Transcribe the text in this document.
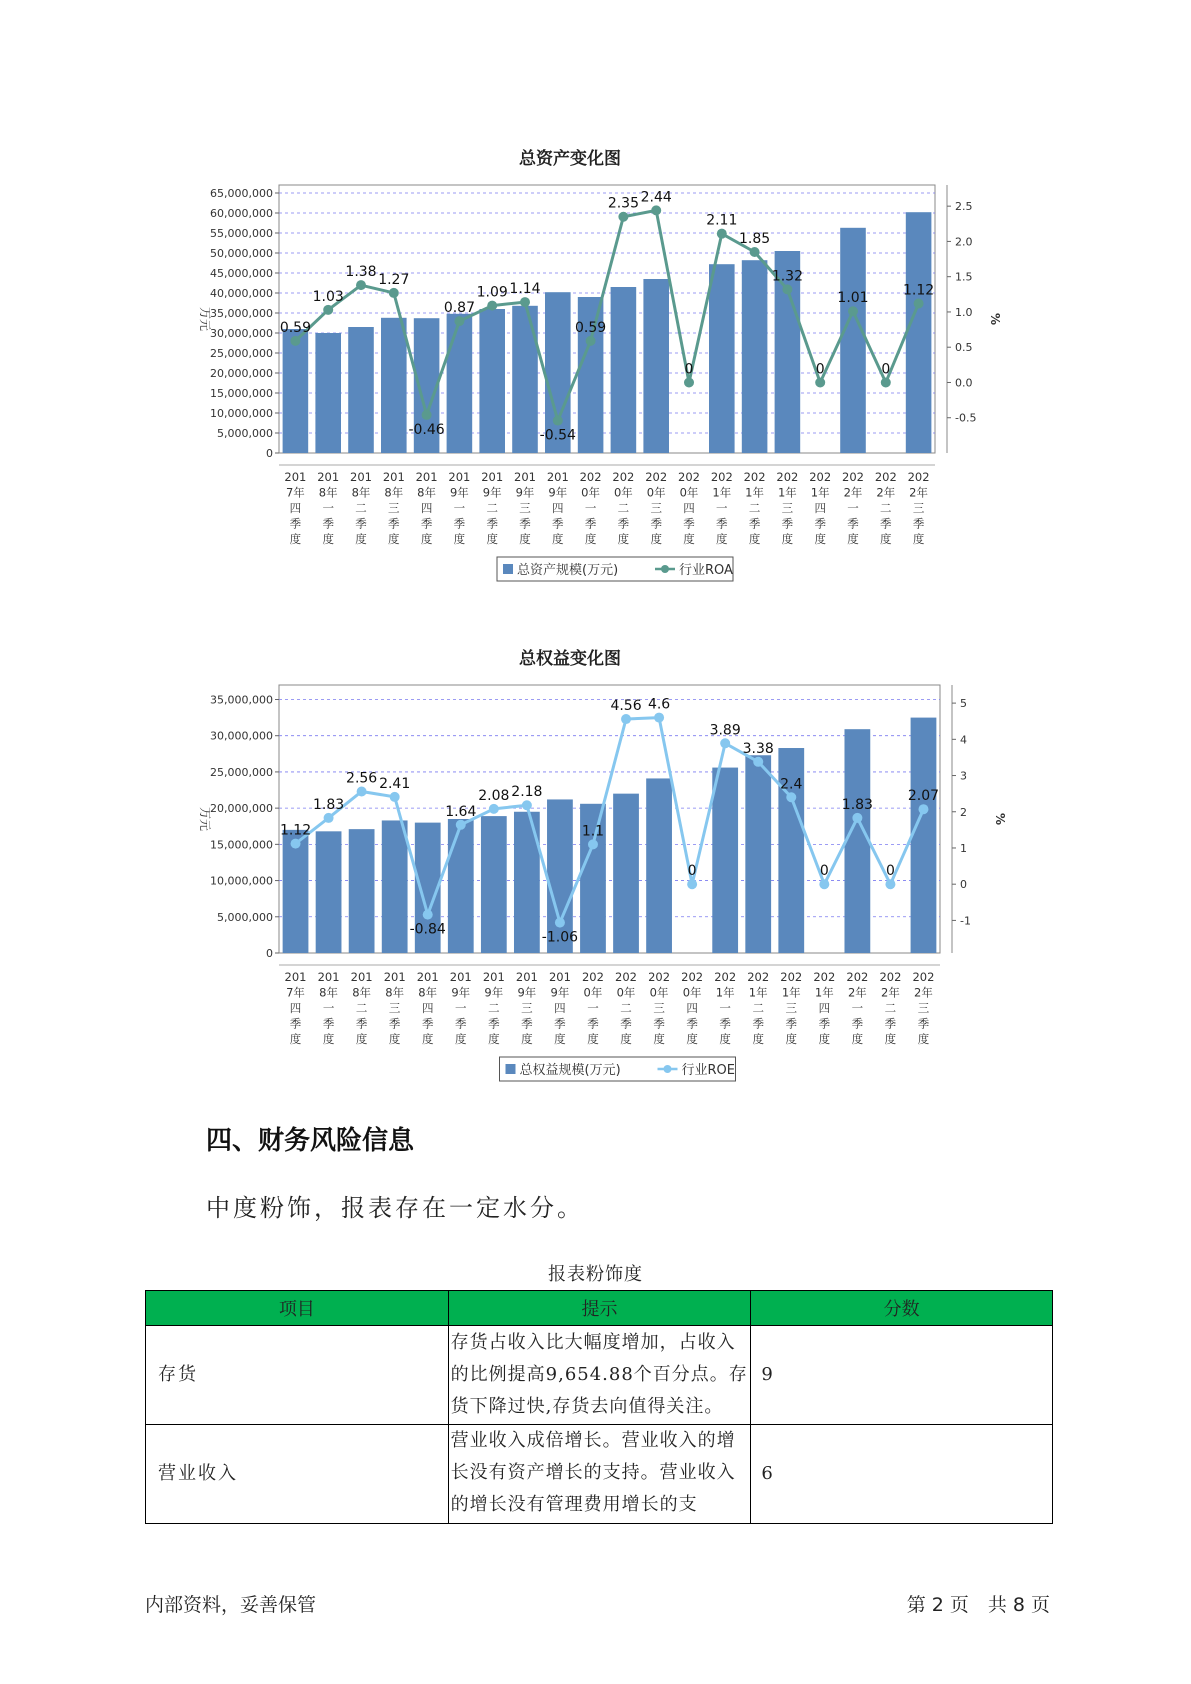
总资产变化图
0
5,000,000
10,000,000
15,000,000
20,000,000
25,000,000
30,000,000
35,000,000
40,000,000
45,000,000
50,000,000
55,000,000
60,000,000
65,000,000
-0.5
0.0
0.5
1.0
1.5
2.0
2.5
万元	%
201 7年四季度
201 8年一季度
201 8年二季度
201 8年三季度
201 8年四季度
201 9年一季度
201 9年二季度
201 9年三季度
201 9年四季度
202 0年一季度
202 0年二季度
202 0年三季度
202 0年四季度
202 1年一季度
202 1年二季度
202 1年三季度
202 1年四季度
202 2年一季度
202 2年二季度
202 2年三季度
0.59
1.03
1.38 1.27
-0.46
0.87
1.09 1.14
-0.54
0.59
2.35 2.44
0
2.11
1.85
1.32
0
1.01
0
1.12
总资产规模(万元)	行业ROA
总权益变化图
0
5,000,000
10,000,000
15,000,000
20,000,000
25,000,000
30,000,000
35,000,000
-1
0
1
2
3
4
5
万元	%
201 7年四季度
201 8年一季度
201 8年二季度
201 8年三季度
201 8年四季度
201 9年一季度
201 9年二季度
201 9年三季度
201 9年四季度
202 0年一季度
202 0年二季度
202 0年三季度
202 0年四季度
202 1年一季度
202 1年二季度
202 1年三季度
202 1年四季度
202 2年一季度
202 2年二季度
202 2年三季度
1.12
1.83
2.56 2.41
-0.84
1.64
2.08 2.18
-1.06
1.1
4.56 4.6
0
3.89
3.38
2.4
0
1.83
0
2.07
总权益规模(万元)	行业ROE
四、财务风险信息
中度粉饰，报表存在一定水分。
报表粉饰度
项目	提示	分数
存货	存货占收入比大幅度增加，占收入的比例提高9,654.88个百分点。存货下降过快,存货去向值得关注。	9
营业收入	营业收入成倍增长。营业收入的增长没有资产增长的支持。营业收入的增长没有管理费用增长的支	6
内部资料，妥善保管	第 2 页　共 8 页
